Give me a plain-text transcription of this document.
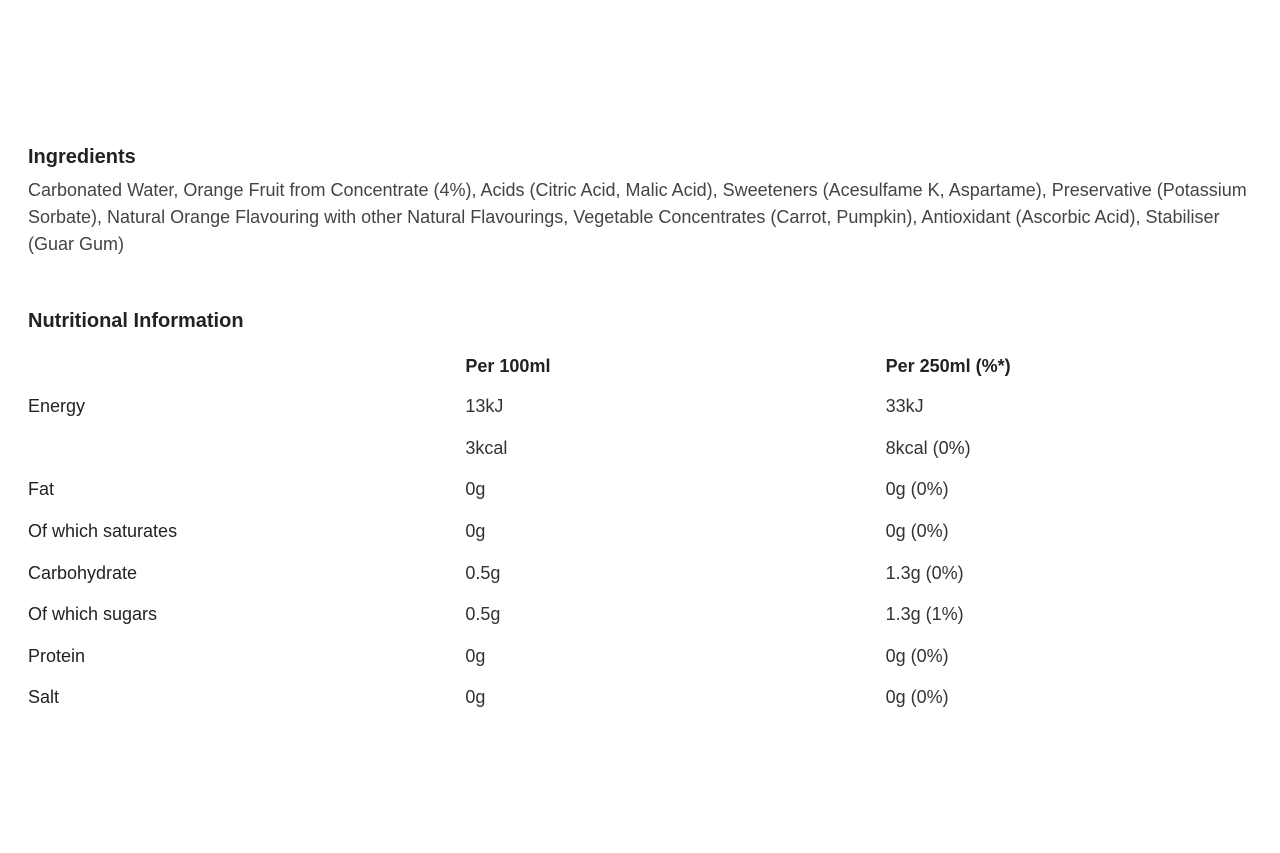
Ingredients

Carbonated Water, Orange Fruit from Concentrate (4%), Acids (Citric Acid, Malic Acid), Sweeteners (Acesulfame K, Aspartame), Preservative (Potassium Sorbate), Natural Orange Flavouring with other Natural Flavourings, Vegetable Concentrates (Carrot, Pumpkin), Antioxidant (Ascorbic Acid), Stabiliser (Guar Gum)

Nutritional Information
	Per 100ml	Per 250ml (%*)
Energy	13kJ	33kJ
	3kcal	8kcal (0%)
Fat	0g	0g (0%)
Of which saturates	0g	0g (0%)
Carbohydrate	0.5g	1.3g (0%)
Of which sugars	0.5g	1.3g (1%)
Protein	0g	0g (0%)
Salt	0g	0g (0%)
